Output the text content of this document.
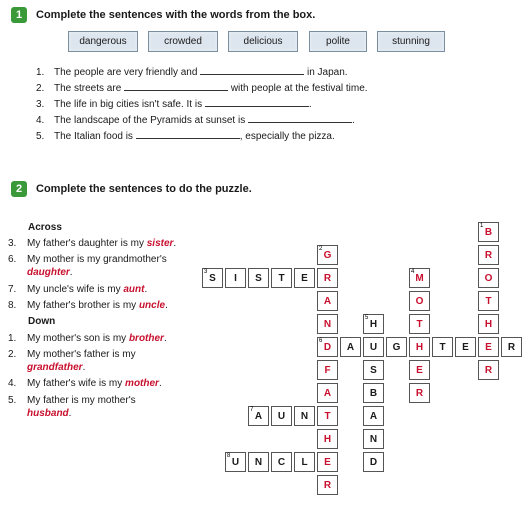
1	Complete the sentences with the words from the box.
dangerous	crowded	delicious	polite	stunning
1. The people are very friendly and	in Japan.
2. The streets are	with people at the festival time.
3. The life in big cities isn't safe. It is	.
4. The landscape of the Pyramids at sunset is	.
5. The Italian food is	, especially the pizza.
2	Complete the sentences to do the puzzle.
Across
3. My father's daughter is my sister.
6. My mother is my grandmother's
daughter.
7. My uncle's wife is my aunt.
8. My father's brother is my uncle.
Down
1. My mother's son is my brother.
2. My mother's father is my
grandfather.
4. My father's wife is my mother.
5. My father is my mother's
husband.
1
B
R
O
T
H
E
R
2
G
R
A
N
6
D
F
A
T
H
E
R
3
S I S T E
4
M
O
T
H
E
R
5
H
U
S
B
A
N
D
A	G	T E	R
7
A U N
8
U N C L
